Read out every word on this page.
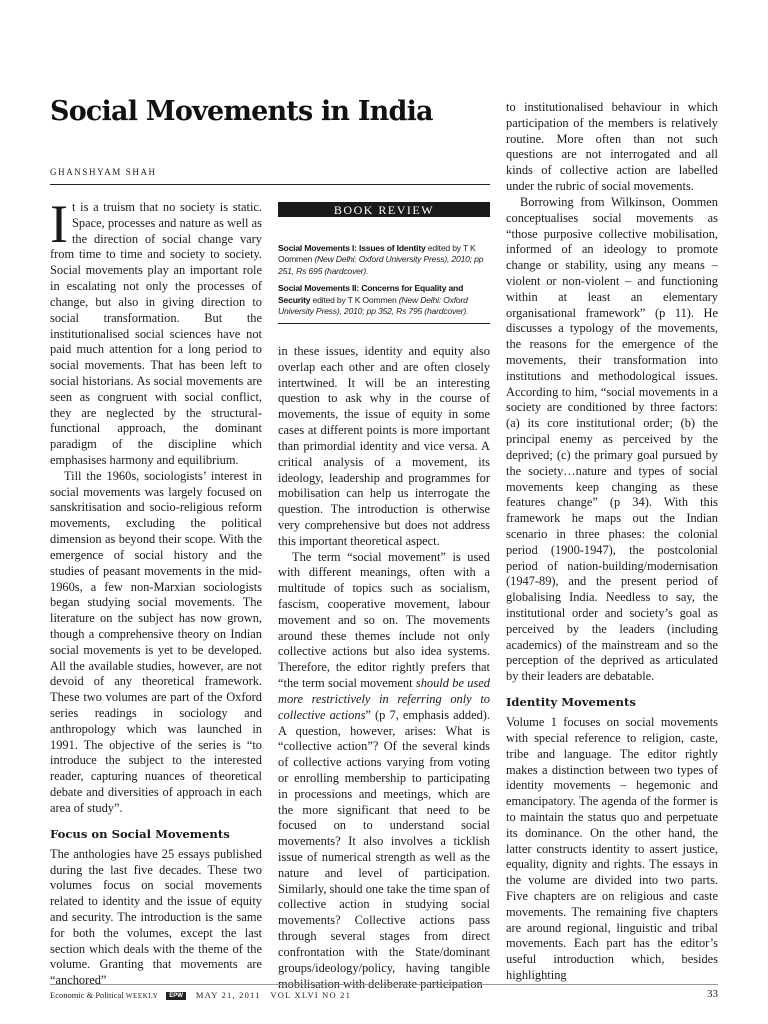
Social Movements in India
GHANSHYAM SHAH

It is a truism that no society is static. Space, processes and nature as well as the direction of social change vary from time to time and society to society. Social movements play an important role in escalating not only the processes of change, but also in giving direction to social transformation. But the institutionalised social sciences have not paid much attention for a long period to social movements. That has been left to social historians. As social movements are seen as congruent with social conflict, they are neglected by the structural-functional approach, the dominant paradigm of the discipline which emphasises harmony and equilibrium.

Till the 1960s, sociologists’ interest in social movements was largely focused on sanskritisation and socio-religious reform movements, excluding the political dimension as beyond their scope. With the emergence of social history and the studies of peasant movements in the mid-1960s, a few non-Marxian sociologists began studying social movements. The literature on the subject has now grown, though a comprehensive theory on Indian social movements is yet to be developed. All the available studies, however, are not devoid of any theoretical framework. These two volumes are part of the Oxford series readings in sociology and anthropology which was launched in 1991. The objective of the series is “to introduce the subject to the interested reader, capturing nuances of theoretical debate and diversities of approach in each area of study”.

Focus on Social Movements

The anthologies have 25 essays published during the last five decades. These two volumes focus on social movements related to identity and the issue of equity and security. The introduction is the same for both the volumes, except the last section which deals with the theme of the volume. Granting that movements are “anchored”

BOOK REVIEW
Social Movements I: Issues of Identity edited by T K Oommen (New Delhi: Oxford University Press), 2010; pp 251, Rs 695 (hardcover).
Social Movements II: Concerns for Equality and Security edited by T K Oommen (New Delhi: Oxford University Press), 2010; pp 352, Rs 795 (hardcover).

in these issues, identity and equity also overlap each other and are often closely intertwined. It will be an interesting question to ask why in the course of movements, the issue of equity in some cases at different points is more important than primordial identity and vice versa. A critical analysis of a movement, its ideology, leadership and programmes for mobilisation can help us interrogate the question. The introduction is otherwise very comprehensive but does not address this important theoretical aspect.

The term “social movement” is used with different meanings, often with a multitude of topics such as socialism, fascism, cooperative movement, labour movement and so on. The movements around these themes include not only collective actions but also idea systems. Therefore, the editor rightly prefers that “the term social movement should be used more restrictively in referring only to collective actions” (p 7, emphasis added). A question, however, arises: What is “collective action”? Of the several kinds of collective actions varying from voting or enrolling membership to participating in processions and meetings, which are the more significant that need to be focused on to understand social movements? It also involves a ticklish issue of numerical strength as well as the nature and level of participation. Similarly, should one take the time span of collective action in studying social movements? Collective actions pass through several stages from direct confrontation with the State/dominant groups/ideology/policy, having tangible mobilisation with deliberate participation

to institutionalised behaviour in which participation of the members is relatively routine. More often than not such questions are not interrogated and all kinds of collective action are labelled under the rubric of social movements.

Borrowing from Wilkinson, Oommen conceptualises social movements as “those purposive collective mobilisation, informed of an ideology to promote change or stability, using any means – violent or non-violent – and functioning within at least an elementary organisational framework” (p 11). He discusses a typology of the movements, the reasons for the emergence of the movements, their transformation into institutions and methodological issues. According to him, “social movements in a society are conditioned by three factors: (a) its core institutional order; (b) the principal enemy as perceived by the deprived; (c) the primary goal pursued by the society…nature and types of social movements keep changing as these features change” (p 34). With this framework he maps out the Indian scenario in three phases: the colonial period (1900-1947), the postcolonial period of nation-building/modernisation (1947-89), and the present period of globalising India. Needless to say, the institutional order and society’s goal as perceived by the leaders (including academics) of the mainstream and so the perception of the deprived as articulated by their leaders are debatable.

Identity Movements

Volume 1 focuses on social movements with special reference to religion, caste, tribe and language. The editor rightly makes a distinction between two types of identity movements – hegemonic and emancipatory. The agenda of the former is to maintain the status quo and perpetuate its dominance. On the other hand, the latter constructs identity to assert justice, equality, dignity and rights. The essays in the volume are divided into two parts. Five chapters are on religious and caste movements. The remaining five chapters are around regional, linguistic and tribal movements. Each part has the editor’s useful introduction which, besides highlighting

Economic & Political WEEKLY EPW MAY 21, 2011   VOL XLVI NO 21	33
